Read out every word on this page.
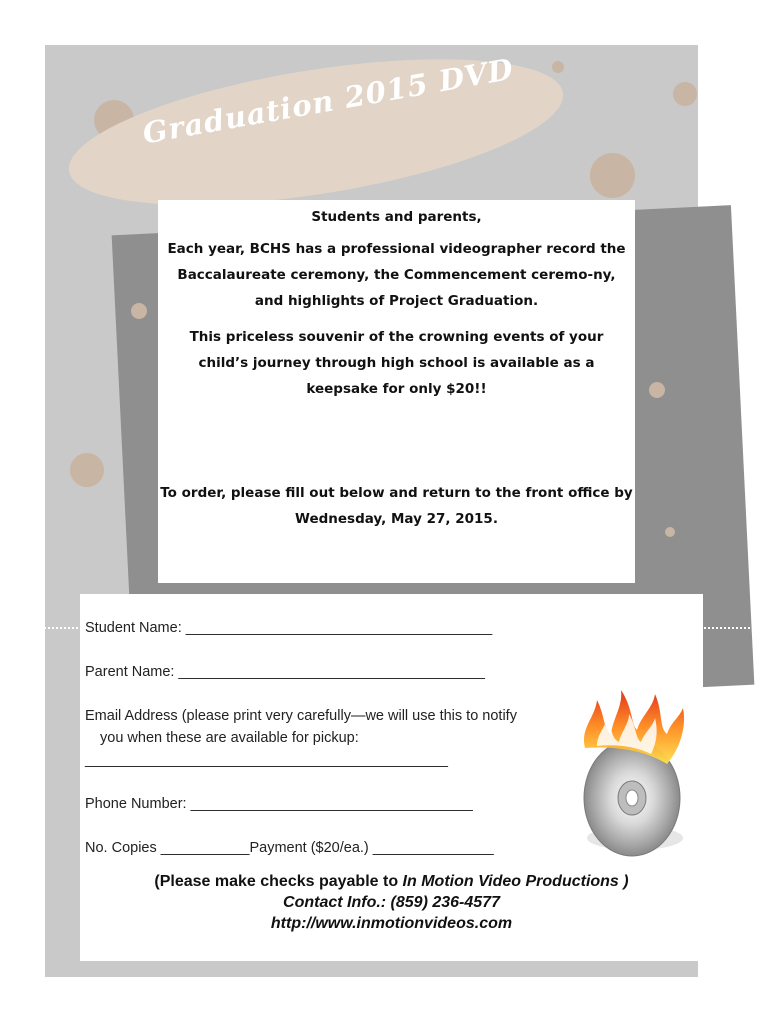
Graduation 2015 DVD

Students and parents,

Each year, BCHS has a professional videographer record the Baccalaureate ceremony, the Commencement ceremo-ny, and highlights of Project Graduation.

This priceless souvenir of the crowning events of your child’s journey through high school is available as a keepsake for only $20!!

To order, please fill out below and return to the front office by Wednesday, May 27, 2015.

Student Name: ______________________________________
Parent Name: ______________________________________
Email Address (please print very carefully—we will use this to notify
you when these are available for pickup:
_____________________________________________
Phone Number: ___________________________________
No. Copies ___________Payment ($20/ea.) _______________
(Please make checks payable to In Motion Video Productions )
Contact Info.: (859) 236-4577
http://www.inmotionvideos.com
